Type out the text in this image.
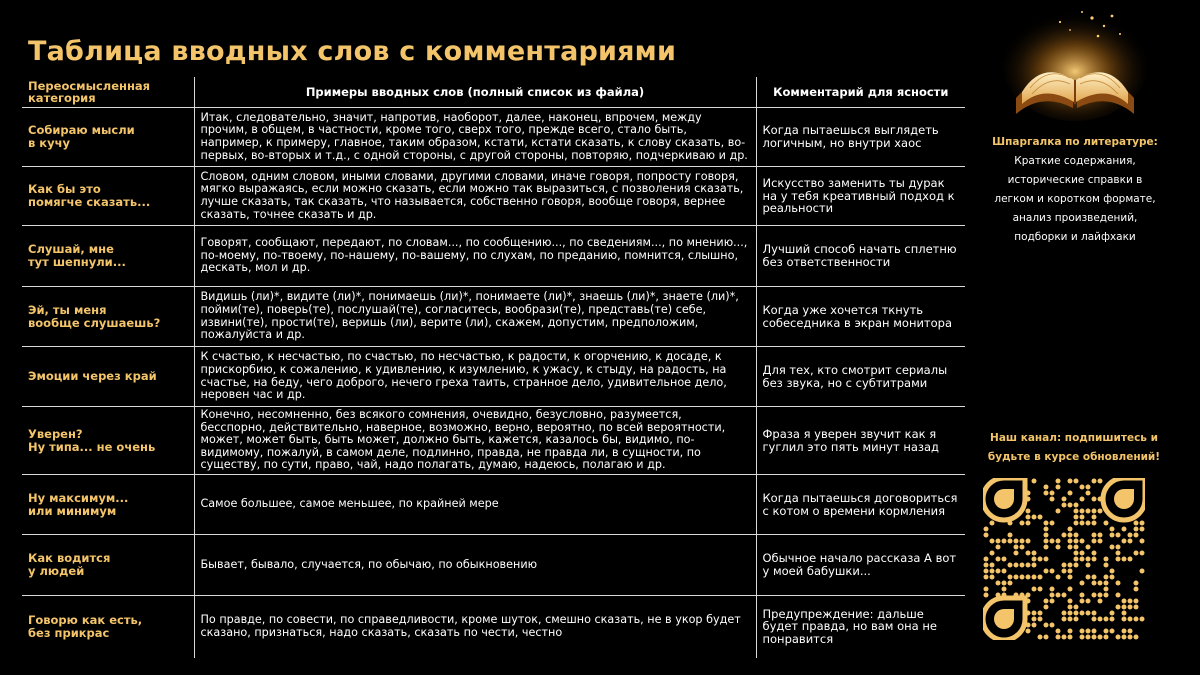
Таблица вводных слов с комментариями
Переосмысленная категория	Примеры вводных слов (полный список из файла)	Комментарий для ясности
Собираю мысли
в кучу	Итак, следовательно, значит, напротив, наоборот, далее, наконец, впрочем, между прочим, в общем, в частности, кроме того, сверх того, прежде всего, стало быть, например, к примеру, главное, таким образом, кстати, кстати сказать, к слову сказать, во-первых, во-вторых и т.д., с одной стороны, с другой стороны, повторяю, подчеркиваю и др.	Когда пытаешься выглядеть логичным, но внутри хаос
Как бы это
помягче сказать...	Словом, одним словом, иными словами, другими словами, иначе говоря, попросту говоря, мягко выражаясь, если можно сказать, если можно так выразиться, с позволения сказать, лучше сказать, так сказать, что называется, собственно говоря, вообще говоря, вернее сказать, точнее сказать и др.	Искусство заменить ты дурак на у тебя креативный подход к реальности
Слушай, мне
тут шепнули...	Говорят, сообщают, передают, по словам..., по сообщению..., по сведениям..., по мнению..., по-моему, по-твоему, по-нашему, по-вашему, по слухам, по преданию, помнится, слышно, дескать, мол и др.	Лучший способ начать сплетню без ответственности
Эй, ты меня
вообще слушаешь?	Видишь (ли)*, видите (ли)*, понимаешь (ли)*, понимаете (ли)*, знаешь (ли)*, знаете (ли)*, пойми(те), поверь(те), послушай(те), согласитесь, вообрази(те), представь(те) себе, извини(те), прости(те), веришь (ли), верите (ли), скажем, допустим, предположим, пожалуйста и др.	Когда уже хочется ткнуть собеседника в экран монитора
Эмоции через край	К счастью, к несчастью, по счастью, по несчастью, к радости, к огорчению, к досаде, к прискорбию, к сожалению, к удивлению, к изумлению, к ужасу, к стыду, на радость, на счастье, на беду, чего доброго, нечего греха таить, странное дело, удивительное дело, неровен час и др.	Для тех, кто смотрит сериалы без звука, но с субтитрами
Уверен?
Ну типа... не очень	Конечно, несомненно, без всякого сомнения, очевидно, безусловно, разумеется, бесспорно, действительно, наверное, возможно, верно, вероятно, по всей вероятности, может, может быть, быть может, должно быть, кажется, казалось бы, видимо, по-видимому, пожалуй, в самом деле, подлинно, правда, не правда ли, в сущности, по существу, по сути, право, чай, надо полагать, думаю, надеюсь, полагаю и др.	Фраза я уверен звучит как я гуглил это пять минут назад
Ну максимум...
или минимум	Самое большее, самое меньшее, по крайней мере	Когда пытаешься договориться с котом о времени кормления
Как водится
у людей	Бывает, бывало, случается, по обычаю, по обыкновению	Обычное начало рассказа А вот у моей бабушки...
Говорю как есть,
без прикрас	По правде, по совести, по справедливости, кроме шуток, смешно сказать, не в укор будет сказано, признаться, надо сказать, сказать по чести, честно	Предупреждение: дальше будет правда, но вам она не понравится
Шпаргалка по литературе:
Краткие содержания, исторические справки в легком и коротком формате, анализ произведений, подборки и лайфхаки
Наш канал: подпишитесь и будьте в курсе обновлений!
